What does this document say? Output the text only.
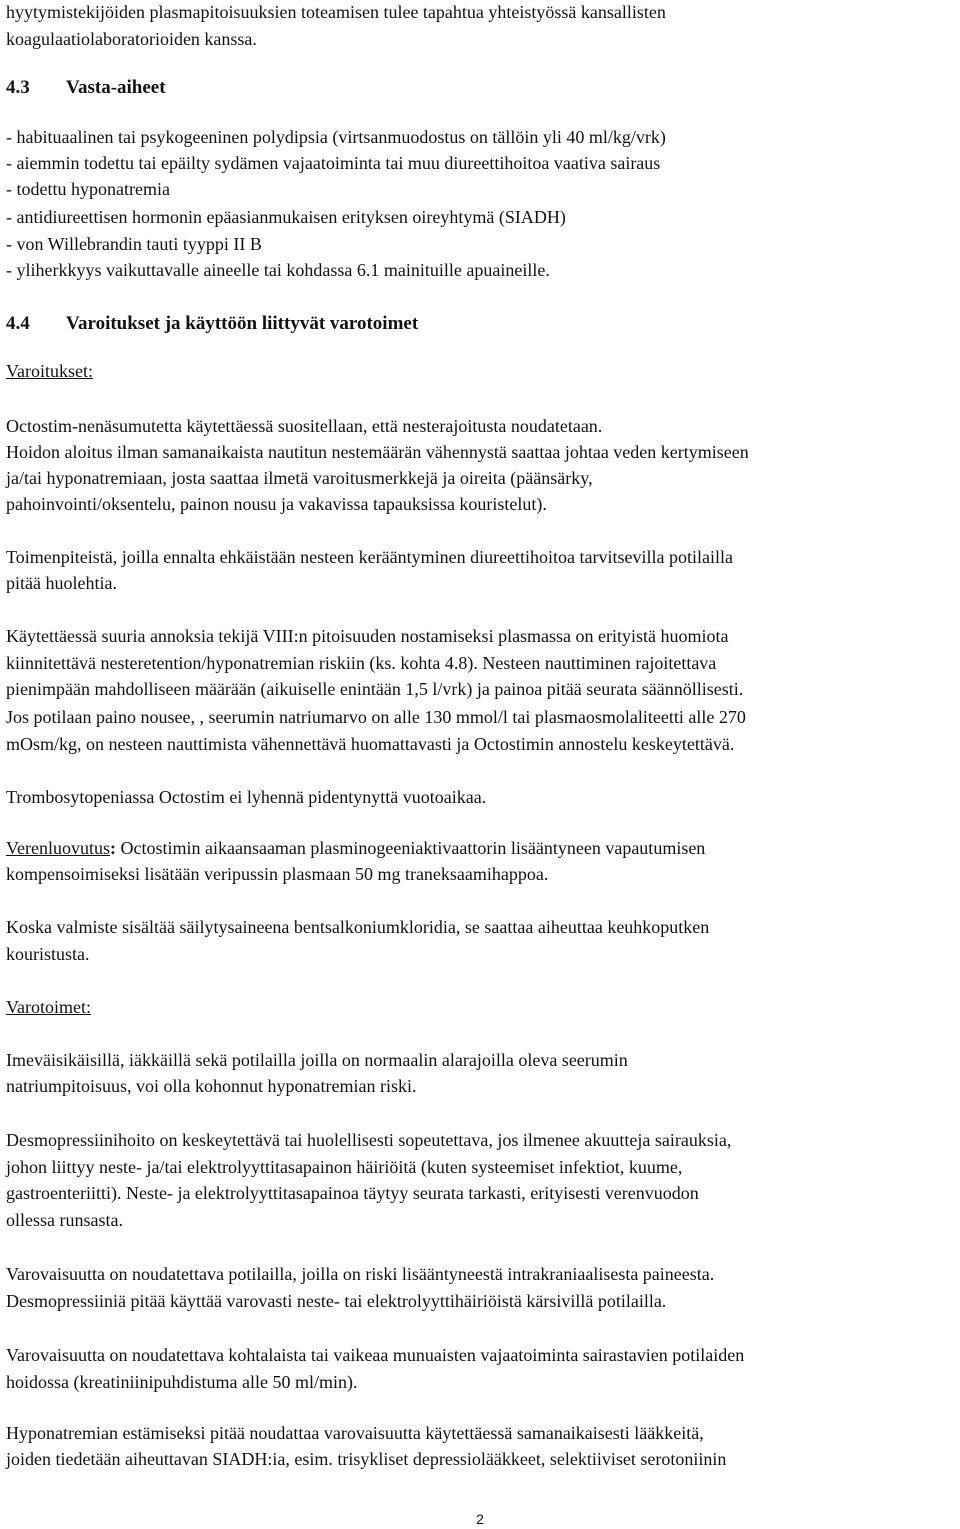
hyytymistekijöiden plasmapitoisuuksien toteamisen tulee tapahtua yhteistyössä kansallisten
koagulaatiolaboratorioiden kanssa.
4.3 Vasta-aiheet
- habituaalinen tai psykogeeninen polydipsia (virtsanmuodostus on tällöin yli 40 ml/kg/vrk)
- aiemmin todettu tai epäilty sydämen vajaatoiminta tai muu diureettihoitoa vaativa sairaus
- todettu hyponatremia
- antidiureettisen hormonin epäasianmukaisen erityksen oireyhtymä (SIADH)
- von Willebrandin tauti tyyppi II B
- yliherkkyys vaikuttavalle aineelle tai kohdassa 6.1 mainituille apuaineille.
4.4 Varoitukset ja käyttöön liittyvät varotoimet
Varoitukset:
Octostim-nenäsumutetta käytettäessä suositellaan, että nesterajoitusta noudatetaan.
Hoidon aloitus ilman samanaikaista nautitun nestemäärän vähennystä saattaa johtaa veden kertymiseen
ja/tai hyponatremiaan, josta saattaa ilmetä varoitusmerkkejä ja oireita (päänsärky,
pahoinvointi/oksentelu, painon nousu ja vakavissa tapauksissa kouristelut).
Toimenpiteistä, joilla ennalta ehkäistään nesteen kerääntyminen diureettihoitoa tarvitsevilla potilailla
pitää huolehtia.
Käytettäessä suuria annoksia tekijä VIII:n pitoisuuden nostamiseksi plasmassa on erityistä huomiota
kiinnitettävä nesteretention/hyponatremian riskiin (ks. kohta 4.8). Nesteen nauttiminen rajoitettava
pienimpään mahdolliseen määrään (aikuiselle enintään 1,5 l/vrk) ja painoa pitää seurata säännöllisesti.
Jos potilaan paino nousee, , seerumin natriumarvo on alle 130 mmol/l tai plasmaosmolaliteetti alle 270
mOsm/kg, on nesteen nauttimista vähennettävä huomattavasti ja Octostimin annostelu keskeytettävä.
Trombosytopeniassa Octostim ei lyhennä pidentynyttä vuotoaikaa.
Verenluovutus: Octostimin aikaansaaman plasminogeeniaktivaattorin lisääntyneen vapautumisen
kompensoimiseksi lisätään veripussin plasmaan 50 mg traneksaamihappoa.
Koska valmiste sisältää säilytysaineena bentsalkoniumkloridia, se saattaa aiheuttaa keuhkoputken
kouristusta.
Varotoimet:
Imeväisikäisillä, iäkkäillä sekä potilailla joilla on normaalin alarajoilla oleva seerumin
natriumpitoisuus, voi olla kohonnut hyponatremian riski.
Desmopressiinihoito on keskeytettävä tai huolellisesti sopeutettava, jos ilmenee akuutteja sairauksia,
johon liittyy neste- ja/tai elektrolyyttitasapainon häiriöitä (kuten systeemiset infektiot, kuume,
gastroenteriitti). Neste- ja elektrolyyttitasapainoa täytyy seurata tarkasti, erityisesti verenvuodon
ollessa runsasta.
Varovaisuutta on noudatettava potilailla, joilla on riski lisääntyneestä intrakraniaalisesta paineesta.
Desmopressiiniä pitää käyttää varovasti neste- tai elektrolyyttihäiriöistä kärsivillä potilailla.
Varovaisuutta on noudatettava kohtalaista tai vaikeaa munuaisten vajaatoiminta sairastavien potilaiden
hoidossa (kreatiniinipuhdistuma alle 50 ml/min).
Hyponatremian estämiseksi pitää noudattaa varovaisuutta käytettäessä samanaikaisesti lääkkeitä,
joiden tiedetään aiheuttavan SIADH:ia, esim. trisykliset depressiolääkkeet, selektiiviset serotoniinin
2
